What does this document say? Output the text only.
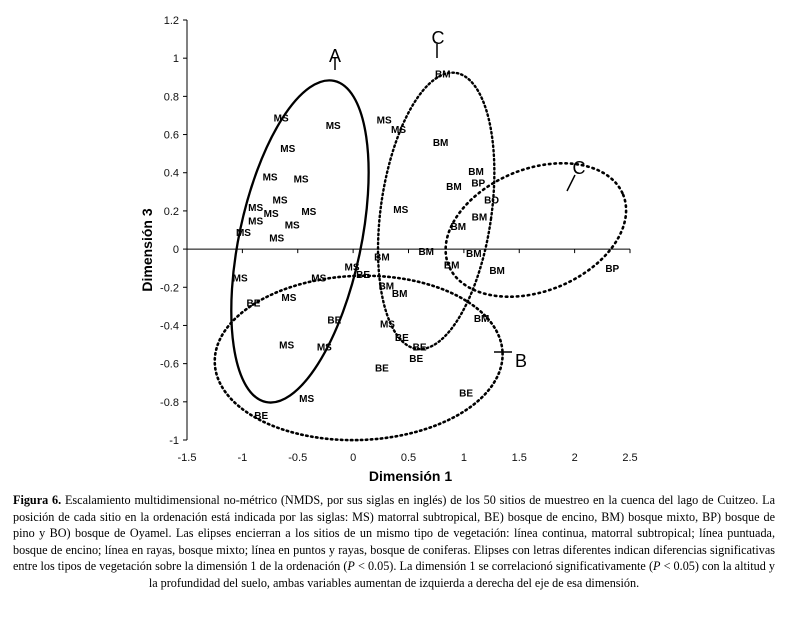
1.2
1
0.8
0.6
0.4
0.2
0
-0.2
-0.4
-0.6
-0.8
-1
-1.5	-1	-0.5	0	0.5	1	1.5	2	2.5
A
B
C
C
MS
MS
MS
MS
MS
MS MS
MS
MS
MS MS	MS
MS MS
MS
MS
MS	MS
MS
MS
MS
MS MS
MS
BE
BE
BE
BE
BE
BE
BE
BE
BE
BM
BM
BM
BM
BM
BM
BM
BM	BM
BM
BM
BM
BM
BM
BP
BP
BO
Dimensión 1
Dimensión 3
Figura 6. Escalamiento multidimensional no-métrico (NMDS, por sus siglas en inglés) de los 50 sitios de muestreo en la cuenca del lago de Cuitzeo. La posición de cada sitio en la ordenación está indicada por las siglas: MS) matorral subtropical, BE) bosque de encino, BM) bosque mixto, BP) bosque de pino y BO) bosque de Oyamel. Las elipses encierran a los sitios de un mismo tipo de vegetación: línea continua, matorral subtropical; línea puntuada, bosque de encino; línea en rayas, bosque mixto; línea en puntos y rayas, bosque de coniferas. Elipses con letras diferentes indican diferencias significativas entre los tipos de vegetación sobre la dimensión 1 de la ordenación (P < 0.05). La dimensión 1 se correlacionó significativamente (P < 0.05) con la altitud y la profundidad del suelo, ambas variables aumentan de izquierda a derecha del eje de esa dimensión.
